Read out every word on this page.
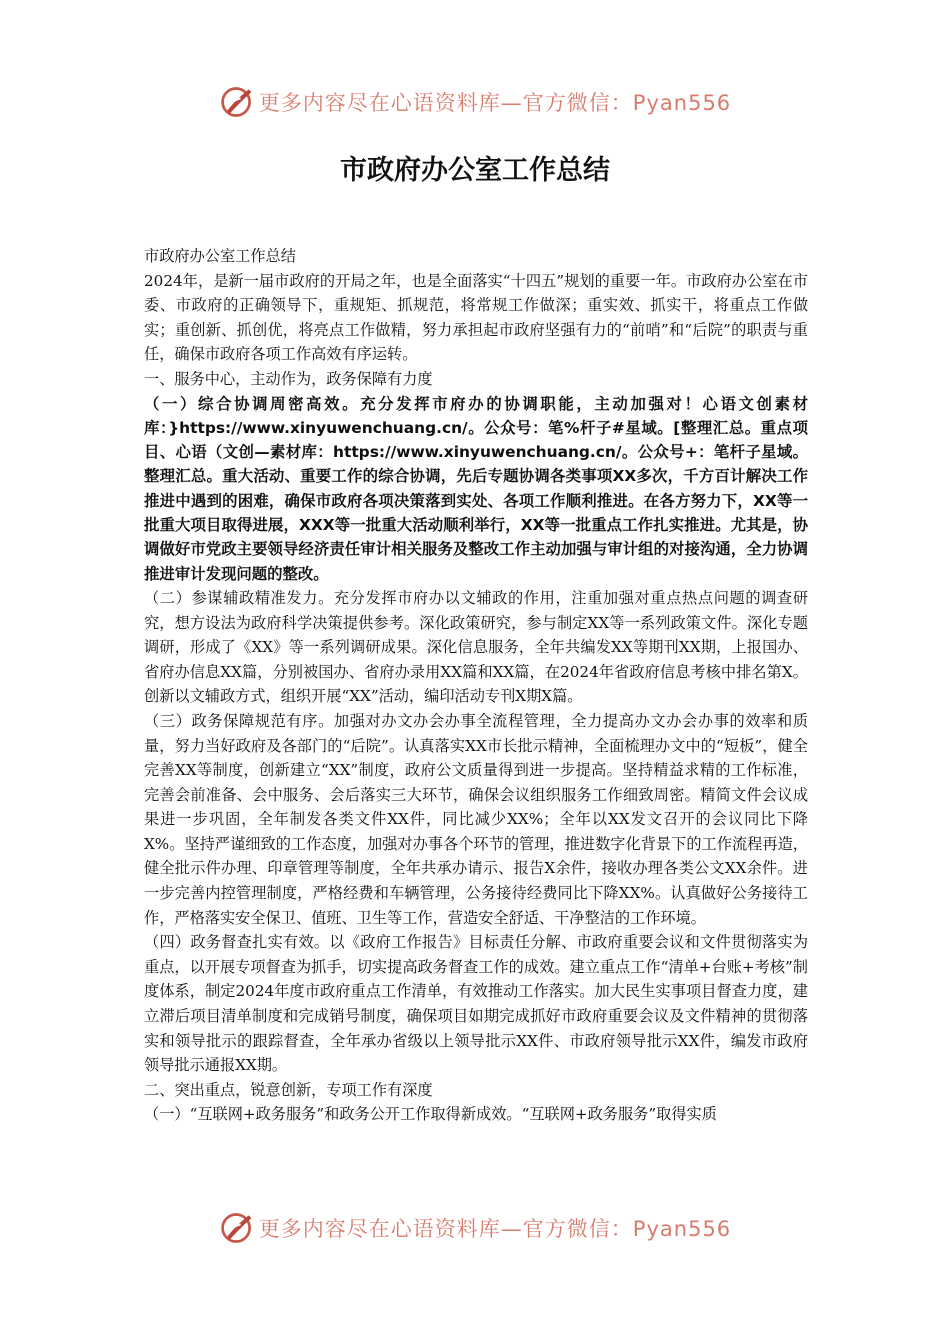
更多内容尽在心语资料库—官方微信：Pyan556
市政府办公室工作总结

市政府办公室工作总结

2024年，是新一届市政府的开局之年，也是全面落实“十四五”规划的重要一年。市政府办公室在市委、市政府的正确领导下，重规矩、抓规范，将常规工作做深；重实效、抓实干，将重点工作做实；重创新、抓创优，将亮点工作做精，努力承担起市政府坚强有力的“前哨”和“后院”的职责与重任，确保市政府各项工作高效有序运转。

一、服务中心，主动作为，政务保障有力度

（一）综合协调周密高效。充分发挥市府办的协调职能，主动加强对！心语文创素材库：}https://www.xinyuwenchuang.cn/。公众号：笔%杆子#星域。[整理汇总。重点项目、心语（文创—素材库：https://www.xinyuwenchuang.cn/。公众号+：笔杆子星域。整理汇总。重大活动、重要工作的综合协调，先后专题协调各类事项XX多次，千方百计解决工作推进中遇到的困难，确保市政府各项决策落到实处、各项工作顺利推进。在各方努力下，XX等一批重大项目取得进展，XXX等一批重大活动顺利举行，XX等一批重点工作扎实推进。尤其是，协调做好市党政主要领导经济责任审计相关服务及整改工作主动加强与审计组的对接沟通，全力协调推进审计发现问题的整改。

（二）参谋辅政精准发力。充分发挥市府办以文辅政的作用，注重加强对重点热点问题的调查研究，想方设法为政府科学决策提供参考。深化政策研究，参与制定XX等一系列政策文件。深化专题调研，形成了《XX》等一系列调研成果。深化信息服务，全年共编发XX等期刊XX期，上报国办、省府办信息XX篇，分别被国办、省府办录用XX篇和XX篇，在2024年省政府信息考核中排名第X。创新以文辅政方式，组织开展“XX”活动，编印活动专刊X期X篇。

（三）政务保障规范有序。加强对办文办会办事全流程管理，全力提高办文办会办事的效率和质量，努力当好政府及各部门的“后院”。认真落实XX市长批示精神，全面梳理办文中的“短板”，健全完善XX等制度，创新建立“XX”制度，政府公文质量得到进一步提高。坚持精益求精的工作标准，完善会前准备、会中服务、会后落实三大环节，确保会议组织服务工作细致周密。精简文件会议成果进一步巩固，全年制发各类文件XX件，同比减少XX%；全年以XX发文召开的会议同比下降X%。坚持严谨细致的工作态度，加强对办事各个环节的管理，推进数字化背景下的工作流程再造，健全批示件办理、印章管理等制度，全年共承办请示、报告X余件，接收办理各类公文XX余件。进一步完善内控管理制度，严格经费和车辆管理，公务接待经费同比下降XX%。认真做好公务接待工作，严格落实安全保卫、值班、卫生等工作，营造安全舒适、干净整洁的工作环境。

（四）政务督查扎实有效。以《政府工作报告》目标责任分解、市政府重要会议和文件贯彻落实为重点，以开展专项督查为抓手，切实提高政务督查工作的成效。建立重点工作“清单+台账+考核”制度体系，制定2024年度市政府重点工作清单，有效推动工作落实。加大民生实事项目督查力度，建立滞后项目清单制度和完成销号制度，确保项目如期完成抓好市政府重要会议及文件精神的贯彻落实和领导批示的跟踪督查，全年承办省级以上领导批示XX件、市政府领导批示XX件，编发市政府领导批示通报XX期。

二、突出重点，锐意创新，专项工作有深度

（一）“互联网+政务服务”和政务公开工作取得新成效。“互联网+政务服务”取得实质

更多内容尽在心语资料库—官方微信：Pyan556
